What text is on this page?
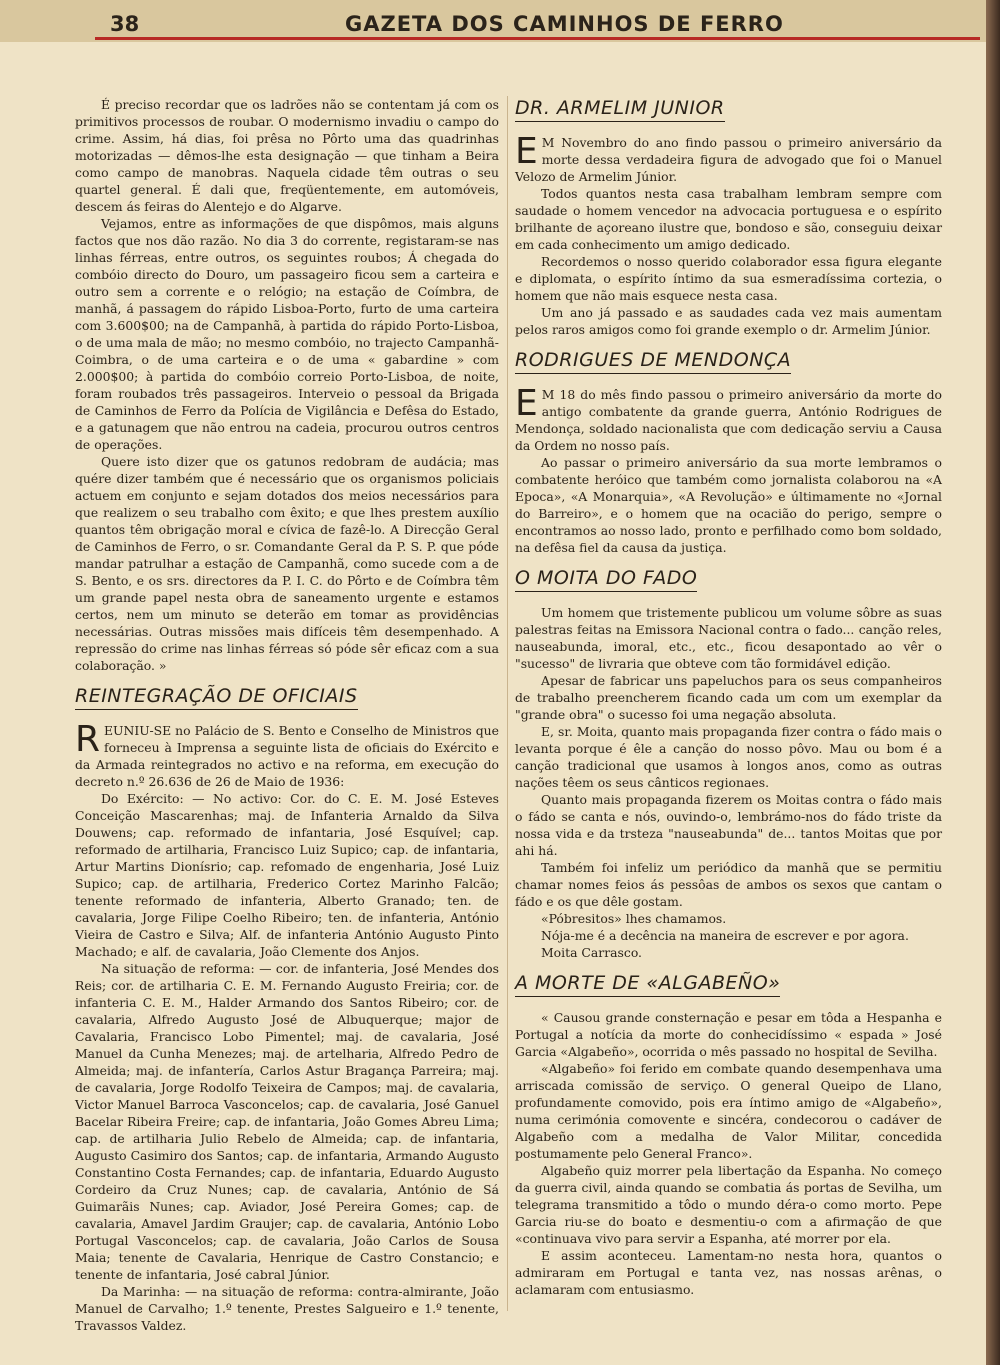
38	GAZETA DOS CAMINHOS DE FERRO

É preciso recordar que os ladrões não se contentam já com os primitivos processos de roubar. O modernismo invadiu o campo do crime. Assim, há dias, foi prêsa no Pôrto uma das quadrinhas motorizadas — dêmos-lhe esta designação — que tinham a Beira como campo de manobras. Naquela cidade têm outras o seu quartel general. É dali que, freqüentemente, em automóveis, descem ás feiras do Alentejo e do Algarve.

Vejamos, entre as informações de que dispômos, mais alguns factos que nos dão razão. No dia 3 do corrente, registaram-se nas linhas férreas, entre outros, os seguintes roubos; Á chegada do combóio directo do Douro, um passageiro ficou sem a carteira e outro sem a corrente e o relógio; na estação de Coímbra, de manhã, á passagem do rápido Lisboa-Porto, furto de uma carteira com 3.600$00; na de Campanhã, à partida do rápido Porto-Lisboa, o de uma mala de mão; no mesmo combóio, no trajecto Campanhã-Coimbra, o de uma carteira e o de uma « gabardine » com 2.000$00; à partida do combóio correio Porto-Lisboa, de noite, foram roubados três passageiros. Interveio o pessoal da Brigada de Caminhos de Ferro da Polícia de Vigilância e Defêsa do Estado, e a gatunagem que não entrou na cadeia, procurou outros centros de operações.

Quere isto dizer que os gatunos redobram de audácia; mas quére dizer também que é necessário que os organismos policiais actuem em conjunto e sejam dotados dos meios necessários para que realizem o seu trabalho com êxito; e que lhes prestem auxílio quantos têm obrigação moral e cívica de fazê-lo. A Direcção Geral de Caminhos de Ferro, o sr. Comandante Geral da P. S. P. que póde mandar patrulhar a estação de Campanhã, como sucede com a de S. Bento, e os srs. directores da P. I. C. do Pôrto e de Coímbra têm um grande papel nesta obra de saneamento urgente e estamos certos, nem um minuto se deterão em tomar as providências necessárias. Outras missões mais difíceis têm desempenhado. A repressão do crime nas linhas férreas só póde sêr eficaz com a sua colaboração. »

REINTEGRAÇÃO DE OFICIAIS

REUNIU-SE no Palácio de S. Bento e Conselho de Ministros que forneceu à Imprensa a seguinte lista de oficiais do Exército e da Armada reintegrados no activo e na reforma, em execução do decreto n.º 26.636 de 26 de Maio de 1936:

Do Exército: — No activo: Cor. do C. E. M. José Esteves Conceição Mascarenhas; maj. de Infanteria Arnaldo da Silva Douwens; cap. reformado de infantaria, José Esquível; cap. reformado de artilharia, Francisco Luiz Supico; cap. de infantaria, Artur Martins Dionísrio; cap. refomado de engenharia, José Luiz Supico; cap. de artilharia, Frederico Cortez Marinho Falcão; tenente reformado de infanteria, Alberto Granado; ten. de cavalaria, Jorge Filipe Coelho Ribeiro; ten. de infanteria, António Vieira de Castro e Silva; Alf. de infanteria António Augusto Pinto Machado; e alf. de cavalaria, João Clemente dos Anjos.

Na situação de reforma: — cor. de infanteria, José Mendes dos Reis; cor. de artilharia C. E. M. Fernando Augusto Freiria; cor. de infanteria C. E. M., Halder Armando dos Santos Ribeiro; cor. de cavalaria, Alfredo Augusto José de Albuquerque; major de Cavalaria, Francisco Lobo Pimentel; maj. de cavalaria, José Manuel da Cunha Menezes; maj. de artelharia, Alfredo Pedro de Almeida; maj. de infantería, Carlos Astur Bragança Parreira; maj. de cavalaria, Jorge Rodolfo Teixeira de Campos; maj. de cavalaria, Victor Manuel Barroca Vasconcelos; cap. de cavalaria, José Ganuel Bacelar Ribeira Freire; cap. de infantaria, João Gomes Abreu Lima; cap. de artilharia Julio Rebelo de Almeida; cap. de infantaria, Augusto Casimiro dos Santos; cap. de infantaria, Armando Augusto Constantino Costa Fernandes; cap. de infantaria, Eduardo Augusto Cordeiro da Cruz Nunes; cap. de cavalaria, António de Sá Guimarãis Nunes; cap. Aviador, José Pereira Gomes; cap. de cavalaria, Amavel Jardim Graujer; cap. de cavalaria, António Lobo Portugal Vasconcelos; cap. de cavalaria, João Carlos de Sousa Maia; tenente de Cavalaria, Henrique de Castro Constancio; e tenente de infantaria, José cabral Júnior.

Da Marinha: — na situação de reforma: contra-almirante, João Manuel de Carvalho; 1.º tenente, Prestes Salgueiro e 1.º tenente, Travassos Valdez.

DR. ARMELIM JUNIOR

E M Novembro do ano findo passou o primeiro aniversário da morte dessa verdadeira figura de advogado que foi o Manuel Velozo de Armelim Júnior.

Todos quantos nesta casa trabalham lembram sempre com saudade o homem vencedor na advocacia portuguesa e o espírito brilhante de açoreano ilustre que, bondoso e são, conseguiu deixar em cada conhecimento um amigo dedicado.

Recordemos o nosso querido colaborador essa figura elegante e diplomata, o espírito íntimo da sua esmeradíssima cortezia, o homem que não mais esquece nesta casa.

Um ano já passado e as saudades cada vez mais aumentam pelos raros amigos como foi grande exemplo o dr. Armelim Júnior.

RODRIGUES DE MENDONÇA

E M 18 do mês findo passou o primeiro aniversário da morte do antigo combatente da grande guerra, António Rodrigues de Mendonça, soldado nacionalista que com dedicação serviu a Causa da Ordem no nosso país.

Ao passar o primeiro aniversário da sua morte lembramos o combatente heróico que também como jornalista colaborou na «A Epoca», «A Monarquia», «A Revolução» e últimamente no «Jornal do Barreiro», e o homem que na ocacião do perigo, sempre o encontramos ao nosso lado, pronto e perfilhado como bom soldado, na defêsa fiel da causa da justiça.

O MOITA DO FADO

Um homem que tristemente publicou um volume sôbre as suas palestras feitas na Emissora Nacional contra o fado... canção reles, nauseabunda, imoral, etc., etc., ficou desapontado ao vêr o "sucesso" de livraria que obteve com tão formidável edição.

Apesar de fabricar uns papeluchos para os seus companheiros de trabalho preencherem ficando cada um com um exemplar da "grande obra" o sucesso foi uma negação absoluta.

E, sr. Moita, quanto mais propaganda fizer contra o fádo mais o levanta porque é êle a canção do nosso pôvo. Mau ou bom é a canção tradicional que usamos à longos anos, como as outras nações têem os seus cânticos regionaes.

Quanto mais propaganda fizerem os Moitas contra o fádo mais o fádo se canta e nós, ouvindo-o, lembrámo-nos do fádo triste da nossa vida e da trsteza "nauseabunda" de... tantos Moitas que por ahi há.

Também foi infeliz um periódico da manhã que se permitiu chamar nomes feios ás pessôas de ambos os sexos que cantam o fádo e os que dêle gostam.

«Póbresitos» lhes chamamos.

Nója-me é a decência na maneira de escrever e por agora.

Moita Carrasco.

A MORTE DE «ALGABEÑO»

« Causou grande consternação e pesar em tôda a Hespanha e Portugal a notícia da morte do conhecidíssimo « espada » José Garcia «Algabeño», ocorrida o mês passado no hospital de Sevilha.

«Algabeño» foi ferido em combate quando desempenhava uma arriscada comissão de serviço. O general Queipo de Llano, profundamente comovido, pois era íntimo amigo de «Algabeño», numa cerimónia comovente e sincéra, condecorou o cadáver de Algabeño com a medalha de Valor Militar, concedida postumamente pelo General Franco».

Algabeño quiz morrer pela libertação da Espanha. No começo da guerra civil, ainda quando se combatia ás portas de Sevilha, um telegrama transmitido a tôdo o mundo déra-o como morto. Pepe Garcia riu-se do boato e desmentiu-o com a afirmação de que «continuava vivo para servir a Espanha, até morrer por ela.

E assim aconteceu. Lamentam-no nesta hora, quantos o admiraram em Portugal e tanta vez, nas nossas arênas, o aclamaram com entusiasmo.
